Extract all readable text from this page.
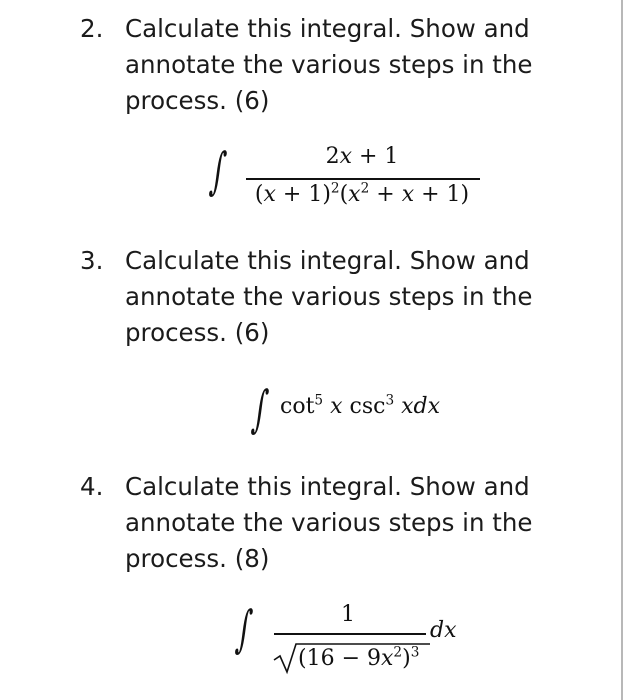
2. Calculate this integral. Show and
annotate the various steps in the
process. (6)
∫	2x + 1
$(x + 1)^2(x^2 + x + 1)$
3. Calculate this integral. Show and
annotate the various steps in the
process. (6)
∫ $\cot^5 x$ $\csc^3$ xdx
4. Calculate this integral. Show and
annotate the various steps in the
process. (8)
∫	1
$(16 - 9x^2)^3$
dx
